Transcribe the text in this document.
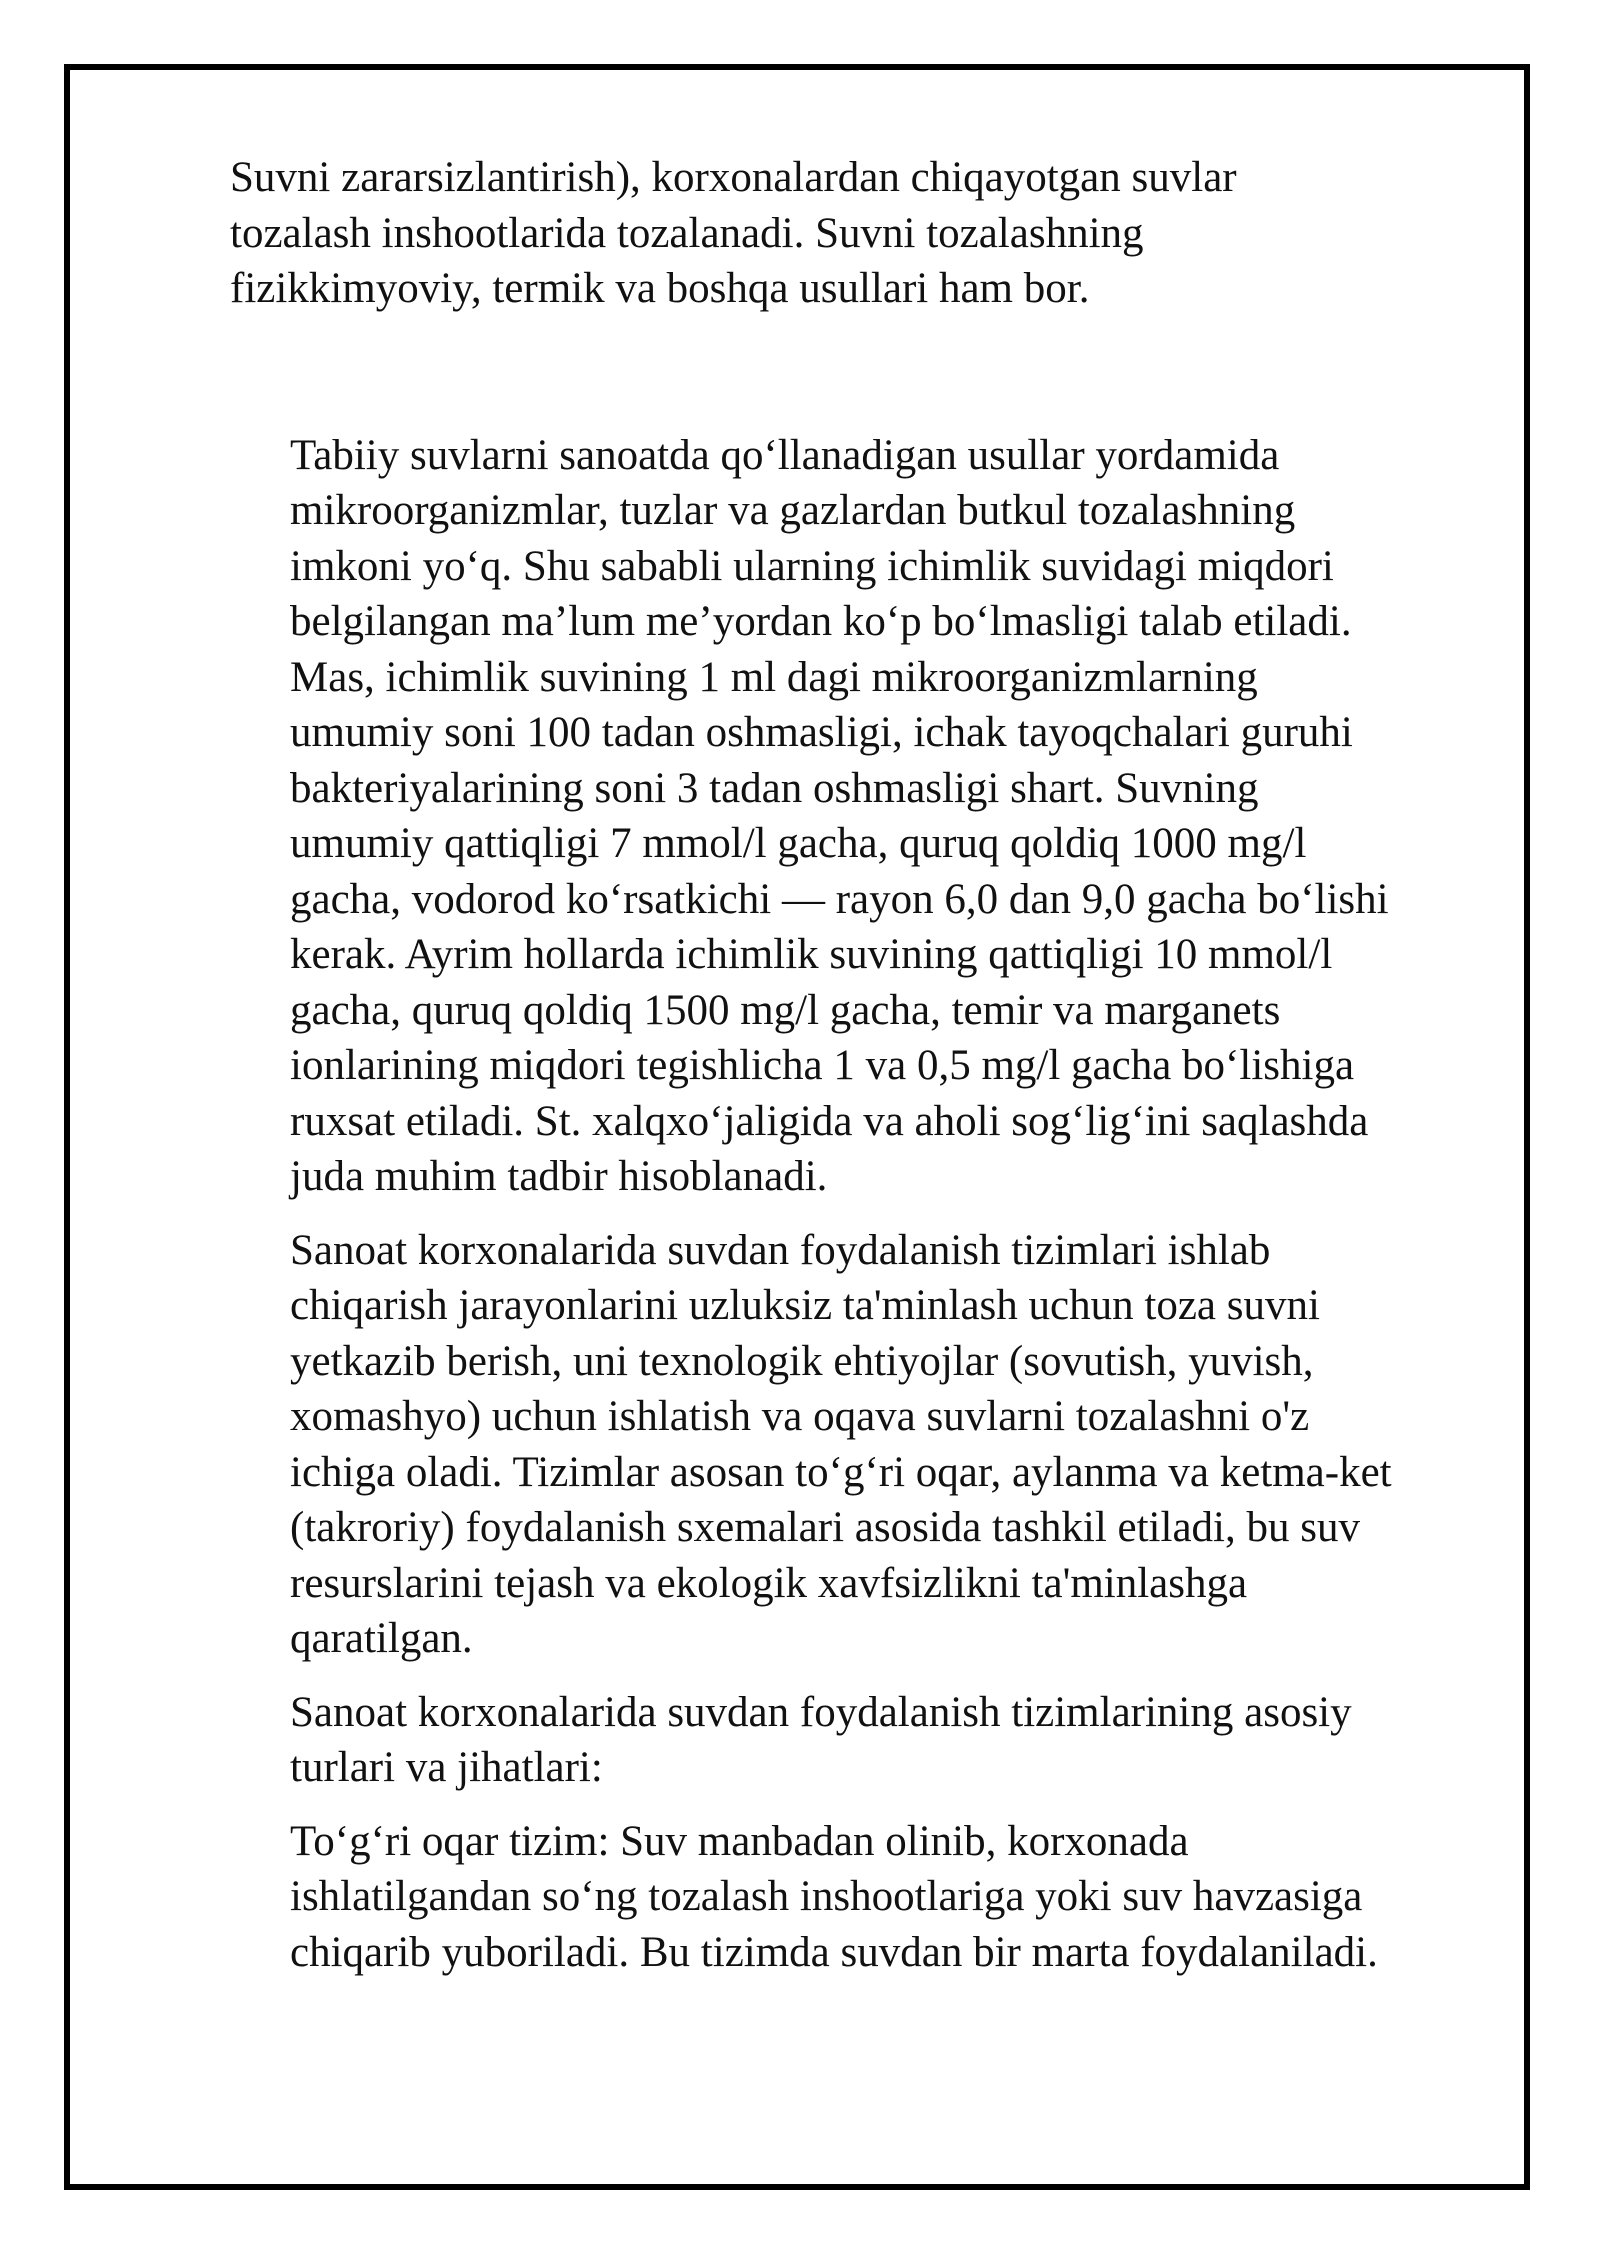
Suvni zararsizlantirish), korxonalardan chiqayotgan suvlar
tozalash inshootlarida tozalanadi. Suvni tozalashning
fizikkimyoviy, termik va boshqa usullari ham bor.

Tabiiy suvlarni sanoatda qo‘llanadigan usullar yordamida
mikroorganizmlar, tuzlar va gazlardan butkul tozalashning
imkoni yo‘q. Shu sababli ularning ichimlik suvidagi miqdori
belgilangan ma’lum me’yordan ko‘p bo‘lmasligi talab etiladi.
Mas, ichimlik suvining 1 ml dagi mikroorganizmlarning
umumiy soni 100 tadan oshmasligi, ichak tayoqchalari guruhi
bakteriyalarining soni 3 tadan oshmasligi shart. Suvning
umumiy qattiqligi 7 mmol/l gacha, quruq qoldiq 1000 mg/l
gacha, vodorod ko‘rsatkichi — rayon 6,0 dan 9,0 gacha bo‘lishi
kerak. Ayrim hollarda ichimlik suvining qattiqligi 10 mmol/l
gacha, quruq qoldiq 1500 mg/l gacha, temir va marganets
ionlarining miqdori tegishlicha 1 va 0,5 mg/l gacha bo‘lishiga
ruxsat etiladi. St. xalqxo‘jaligida va aholi sog‘lig‘ini saqlashda
juda muhim tadbir hisoblanadi.

Sanoat korxonalarida suvdan foydalanish tizimlari ishlab
chiqarish jarayonlarini uzluksiz ta'minlash uchun toza suvni
yetkazib berish, uni texnologik ehtiyojlar (sovutish, yuvish,
xomashyo) uchun ishlatish va oqava suvlarni tozalashni o'z
ichiga oladi. Tizimlar asosan to‘g‘ri oqar, aylanma va ketma-ket
(takroriy) foydalanish sxemalari asosida tashkil etiladi, bu suv
resurslarini tejash va ekologik xavfsizlikni ta'minlashga
qaratilgan.

Sanoat korxonalarida suvdan foydalanish tizimlarining asosiy
turlari va jihatlari:

To‘g‘ri oqar tizim: Suv manbadan olinib, korxonada
ishlatilgandan so‘ng tozalash inshootlariga yoki suv havzasiga
chiqarib yuboriladi. Bu tizimda suvdan bir marta foydalaniladi.
